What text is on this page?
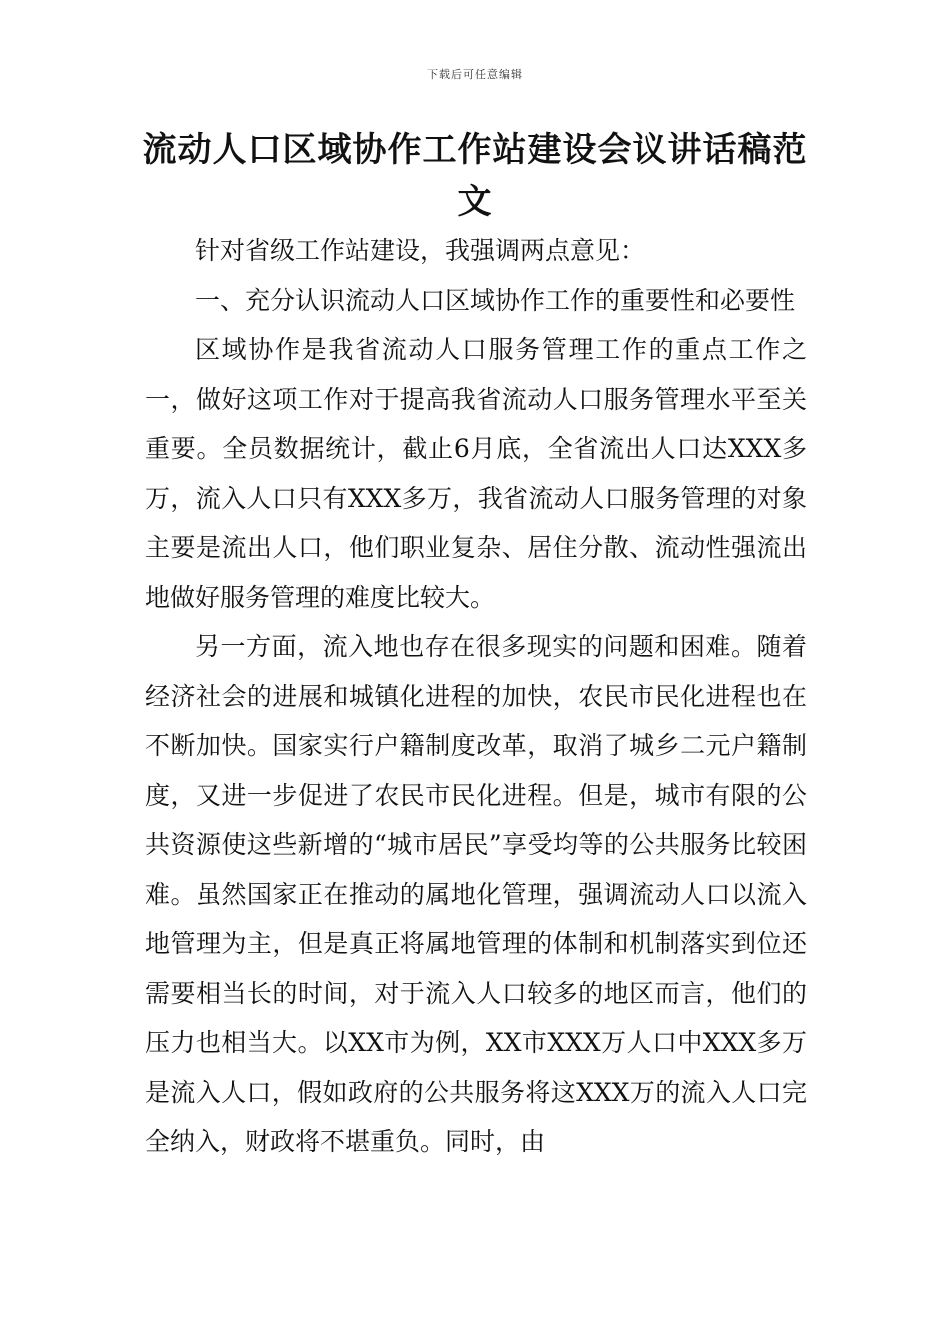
下载后可任意编辑
流动人口区域协作工作站建设会议讲话稿范文

针对省级工作站建设，我强调两点意见：

一、充分认识流动人口区域协作工作的重要性和必要性

区域协作是我省流动人口服务管理工作的重点工作之一，做好这项工作对于提高我省流动人口服务管理水平至关重要。全员数据统计，截止6月底，全省流出人口达XXX多万，流入人口只有XXX多万，我省流动人口服务管理的对象主要是流出人口，他们职业复杂、居住分散、流动性强流出地做好服务管理的难度比较大。

另一方面，流入地也存在很多现实的问题和困难。随着经济社会的进展和城镇化进程的加快，农民市民化进程也在不断加快。国家实行户籍制度改革，取消了城乡二元户籍制度，又进一步促进了农民市民化进程。但是，城市有限的公共资源使这些新增的“城市居民”享受均等的公共服务比较困难。虽然国家正在推动的属地化管理，强调流动人口以流入地管理为主，但是真正将属地管理的体制和机制落实到位还需要相当长的时间，对于流入人口较多的地区而言，他们的压力也相当大。以XX市为例，XX市XXX万人口中XXX多万是流入人口，假如政府的公共服务将这XXX万的流入人口完全纳入，财政将不堪重负。同时，由
